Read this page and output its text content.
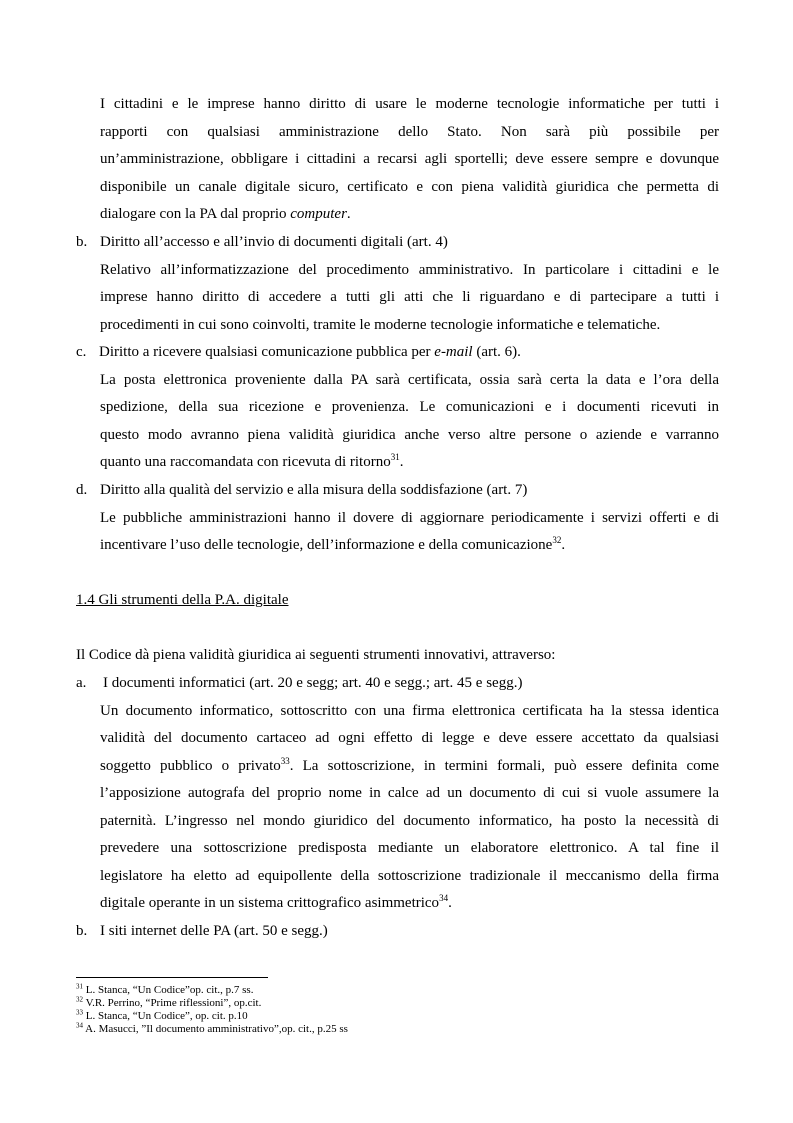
I cittadini e le imprese hanno diritto di usare le moderne tecnologie informatiche per tutti i
rapporti con qualsiasi amministrazione dello Stato. Non sarà più possibile per
un’amministrazione, obbligare i cittadini a recarsi agli sportelli; deve essere sempre e dovunque
disponibile un canale digitale sicuro, certificato e con piena validità giuridica che permetta di
dialogare con la PA dal proprio computer.
b. Diritto all’accesso e all’invio di documenti digitali (art. 4)
Relativo all’informatizzazione del procedimento amministrativo. In particolare i cittadini e le
imprese hanno diritto di accedere a tutti gli atti che li riguardano e di partecipare a tutti i
procedimenti in cui sono coinvolti, tramite le moderne tecnologie informatiche e telematiche.
c. Diritto a ricevere qualsiasi comunicazione pubblica per e-mail (art. 6).
La posta elettronica proveniente dalla PA sarà certificata, ossia sarà certa la data e l’ora della
spedizione, della sua ricezione e provenienza. Le comunicazioni e i documenti ricevuti in
questo modo avranno piena validità giuridica anche verso altre persone o aziende e varranno
quanto una raccomandata con ricevuta di ritorno$^{31}$.
d. Diritto alla qualità del servizio e alla misura della soddisfazione (art. 7)
Le pubbliche amministrazioni hanno il dovere di aggiornare periodicamente i servizi offerti e di
incentivare l’uso delle tecnologie, dell’informazione e della comunicazione$^{32}$.
1.4 Gli strumenti della P.A. digitale
Il Codice dà piena validità giuridica ai seguenti strumenti innovativi, attraverso:
a. I documenti informatici (art. 20 e segg; art. 40 e segg.; art. 45 e segg.)
Un documento informatico, sottoscritto con una firma elettronica certificata ha la stessa identica
validità del documento cartaceo ad ogni effetto di legge e deve essere accettato da qualsiasi
soggetto pubblico o privato$^{33}$. La sottoscrizione, in termini formali, può essere definita come
l’apposizione autografa del proprio nome in calce ad un documento di cui si vuole assumere la
paternità. L’ingresso nel mondo giuridico del documento informatico, ha posto la necessità di
prevedere una sottoscrizione predisposta mediante un elaboratore elettronico. A tal fine il
legislatore ha eletto ad equipollente della sottoscrizione tradizionale il meccanismo della firma
digitale operante in un sistema crittografico asimmetrico$^{34}$.
b. I siti internet delle PA (art. 50 e segg.)
$^{31}$ L. Stanca, “Un Codice”op. cit., p.7 ss.
$^{32}$ V.R. Perrino, “Prime riflessioni”, op.cit.
$^{33}$ L. Stanca, “Un Codice”, op. cit. p.10
$^{34}$ A. Masucci, ”Il documento amministrativo”,op. cit., p.25 ss
